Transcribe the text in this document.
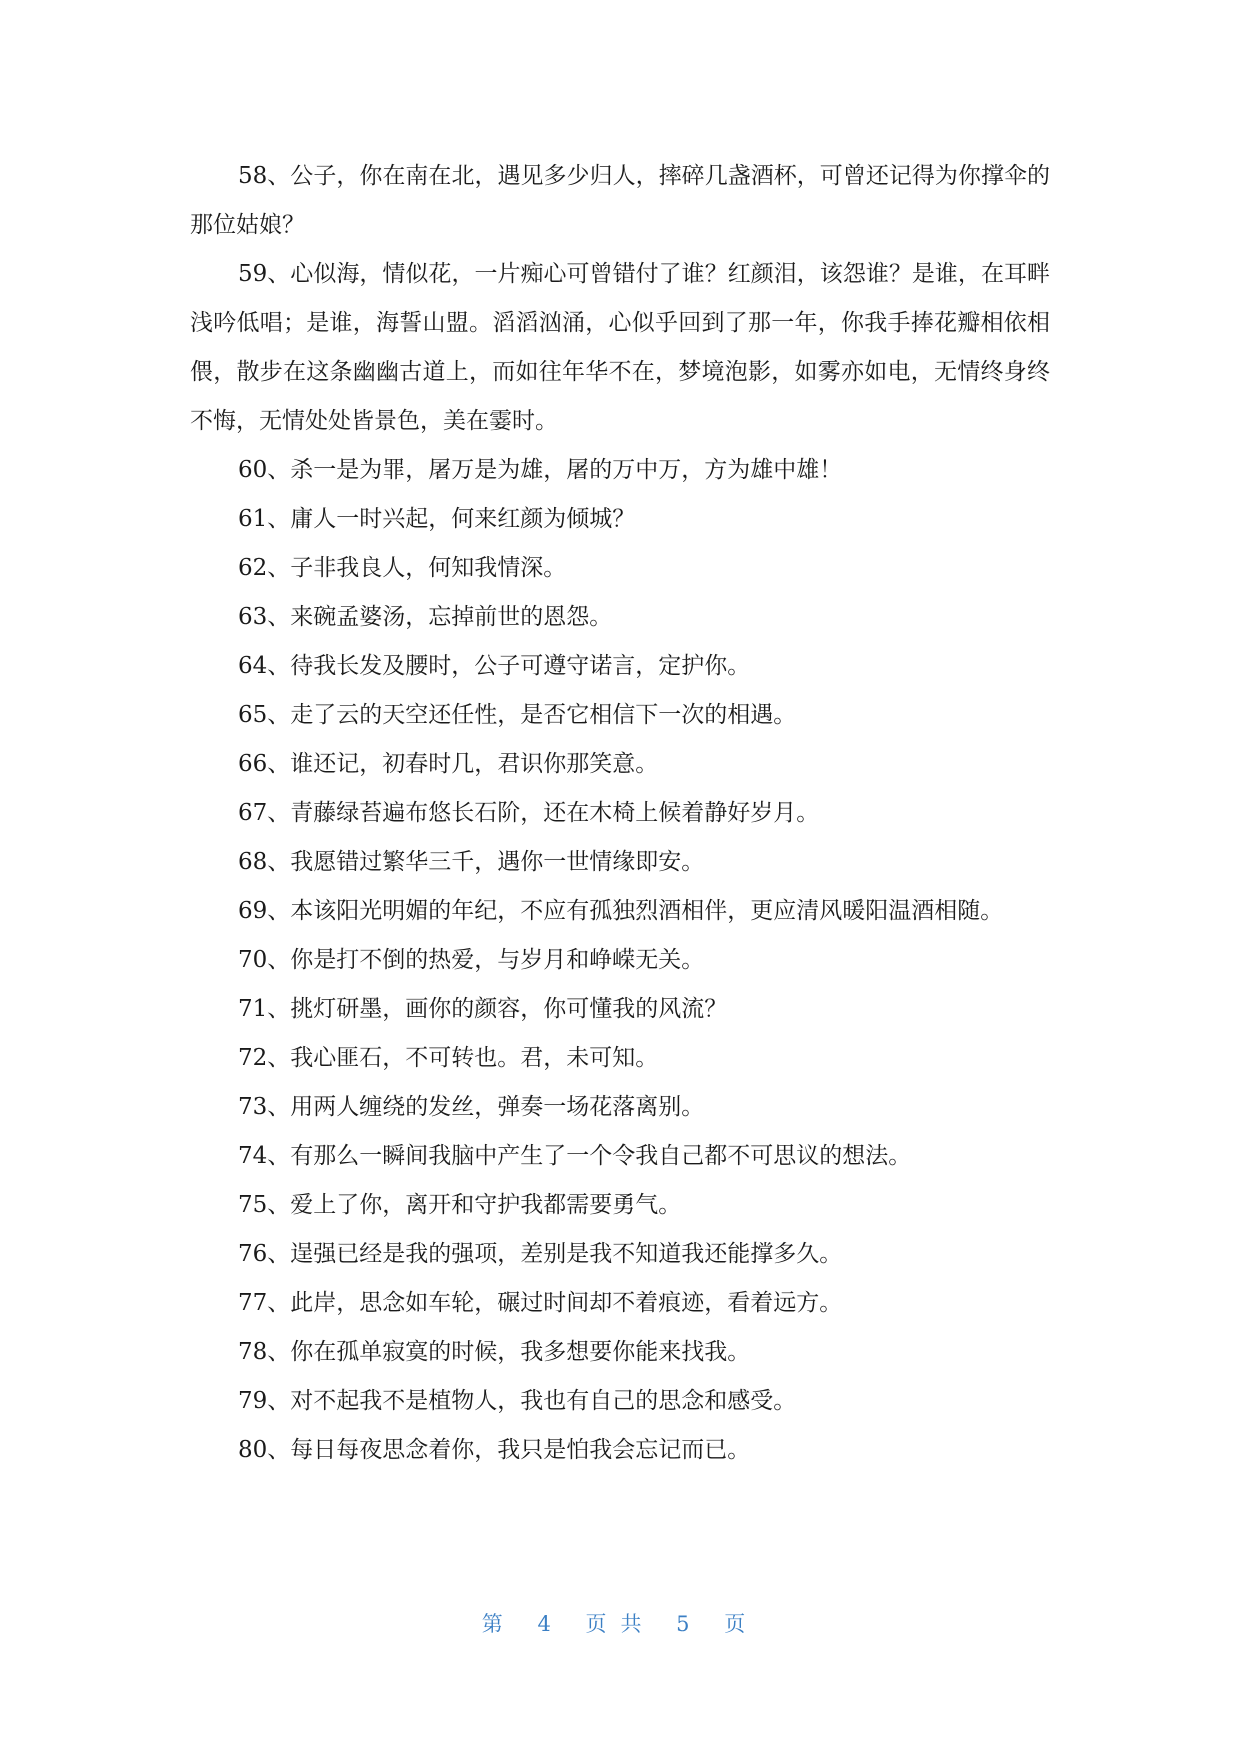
58、公子，你在南在北，遇见多少归人，摔碎几盏酒杯，可曾还记得为你撑伞的那位姑娘？

59、心似海，情似花，一片痴心可曾错付了谁？红颜泪，该怨谁？是谁，在耳畔浅吟低唱；是谁，海誓山盟。滔滔汹涌，心似乎回到了那一年，你我手捧花瓣相依相偎，散步在这条幽幽古道上，而如往年华不在，梦境泡影，如雾亦如电，无情终身终不悔，无情处处皆景色，美在霎时。

60、杀一是为罪，屠万是为雄，屠的万中万，方为雄中雄！

61、庸人一时兴起，何来红颜为倾城？

62、子非我良人，何知我情深。

63、来碗孟婆汤，忘掉前世的恩怨。

64、待我长发及腰时，公子可遵守诺言，定护你。

65、走了云的天空还任性，是否它相信下一次的相遇。

66、谁还记，初春时几，君识你那笑意。

67、青藤绿苔遍布悠长石阶，还在木椅上候着静好岁月。

68、我愿错过繁华三千，遇你一世情缘即安。

69、本该阳光明媚的年纪，不应有孤独烈酒相伴，更应清风暖阳温酒相随。

70、你是打不倒的热爱，与岁月和峥嵘无关。

71、挑灯研墨，画你的颜容，你可懂我的风流？

72、我心匪石，不可转也。君，未可知。

73、用两人缠绕的发丝，弹奏一场花落离别。

74、有那么一瞬间我脑中产生了一个令我自己都不可思议的想法。

75、爱上了你，离开和守护我都需要勇气。

76、逞强已经是我的强项，差别是我不知道我还能撑多久。

77、此岸，思念如车轮，碾过时间却不着痕迹，看着远方。

78、你在孤单寂寞的时候，我多想要你能来找我。

79、对不起我不是植物人，我也有自己的思念和感受。

80、每日每夜思念着你，我只是怕我会忘记而已。

第 4 页共 5 页
